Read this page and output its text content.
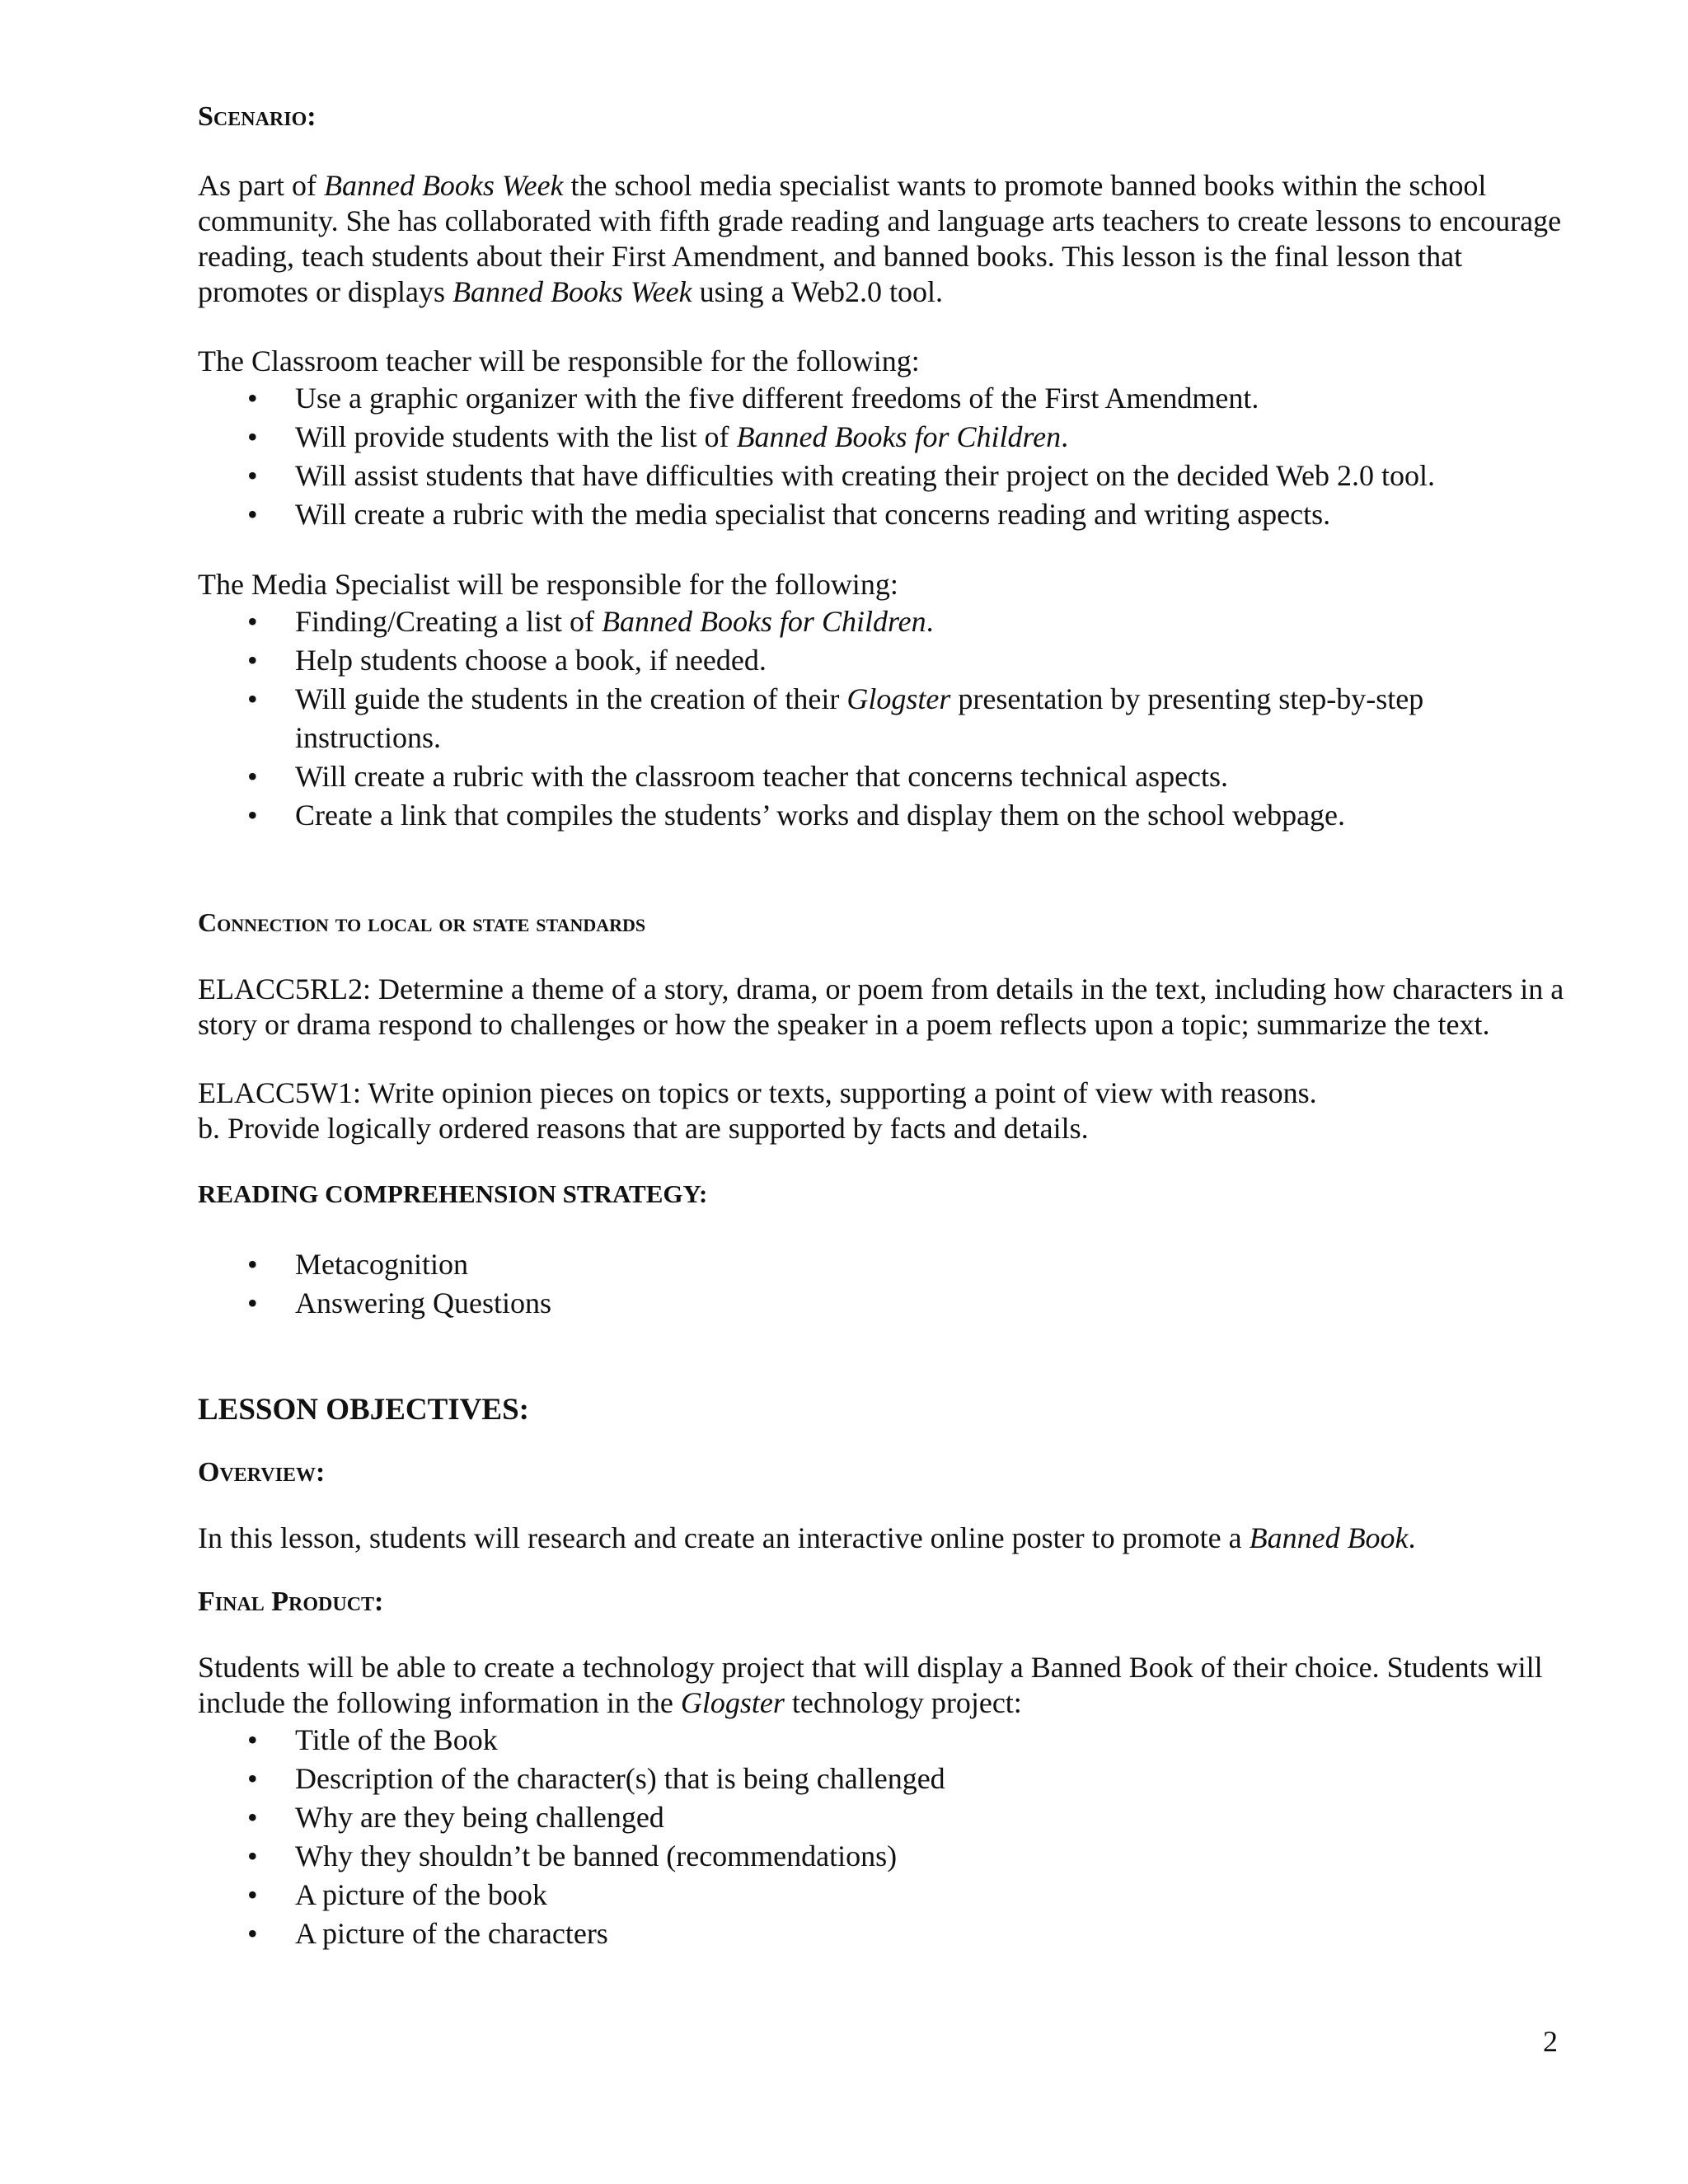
Scenario:

As part of Banned Books Week the school media specialist wants to promote banned books within the school community. She has collaborated with fifth grade reading and language arts teachers to create lessons to encourage reading, teach students about their First Amendment, and banned books. This lesson is the final lesson that promotes or displays Banned Books Week using a Web2.0 tool.

The Classroom teacher will be responsible for the following:

• Use a graphic organizer with the five different freedoms of the First Amendment.
• Will provide students with the list of Banned Books for Children.
• Will assist students that have difficulties with creating their project on the decided Web 2.0 tool.
• Will create a rubric with the media specialist that concerns reading and writing aspects.

The Media Specialist will be responsible for the following:

• Finding/Creating a list of Banned Books for Children.
• Help students choose a book, if needed.
• Will guide the students in the creation of their Glogster presentation by presenting step-by-step instructions.
• Will create a rubric with the classroom teacher that concerns technical aspects.
• Create a link that compiles the students’ works and display them on the school webpage.
Connection to local or state standards

ELACC5RL2: Determine a theme of a story, drama, or poem from details in the text, including how characters in a story or drama respond to challenges or how the speaker in a poem reflects upon a topic; summarize the text.

ELACC5W1: Write opinion pieces on topics or texts, supporting a point of view with reasons.

b. Provide logically ordered reasons that are supported by facts and details.

READING COMPREHENSION STRATEGY:
• Metacognition
• Answering Questions
LESSON OBJECTIVES:
Overview:

In this lesson, students will research and create an interactive online poster to promote a Banned Book.

Final Product:

Students will be able to create a technology project that will display a Banned Book of their choice. Students will include the following information in the Glogster technology project:

• Title of the Book
• Description of the character(s) that is being challenged
• Why are they being challenged
• Why they shouldn’t be banned (recommendations)
• A picture of the book
• A picture of the characters
2
